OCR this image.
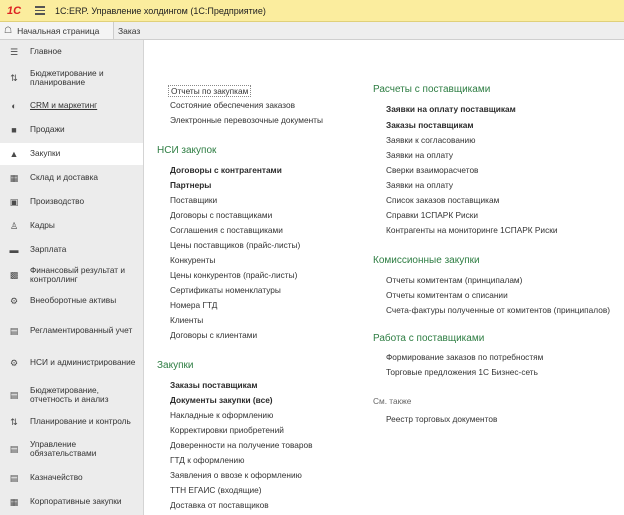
1С	1С:ERP. Управление холдингом (1С:Предприятие)
☖ Начальная страница	Заказ
☰ Главное
⇅ Бюджетирование и планирование
◐	CRM и маркетинг
■	Продажи
▲ Закупки
▦ Склад и доставка
▣ Производство
♙ Кадры
▬ Зарплата
▩ Финансовый результат и контроллинг
⚙ Внеоборотные активы
▤ Регламентированный учет
⚙ НСИ и администрирование
▤ Бюджетирование, отчетность и анализ
⇅ Планирование и контроль
▤ Управление обязательствами
▤ Казначейство
▦ Корпоративные закупки
Отчеты по закупкам
Состояние обеспечения заказов
Электронные перевозочные документы
НСИ закупок
Договоры с контрагентами
Партнеры
Поставщики
Договоры с поставщиками
Соглашения с поставщиками
Цены поставщиков (прайс-листы)
Конкуренты
Цены конкурентов (прайс-листы)
Сертификаты номенклатуры
Номера ГТД
Клиенты
Договоры с клиентами
Закупки
Заказы поставщикам
Документы закупки (все)
Накладные к оформлению
Корректировки приобретений
Доверенности на получение товаров
ГТД к оформлению
Заявления о ввозе к оформлению
ТТН ЕГАИС (входящие)
Доставка от поставщиков
Расчеты с поставщиками
Заявки на оплату поставщикам
Заказы поставщикам
Заявки к согласованию
Заявки на оплату
Сверки взаиморасчетов
Заявки на оплату
Список заказов поставщикам
Справки 1СПАРК Риски
Контрагенты на мониторинге 1СПАРК Риски
Комиссионные закупки
Отчеты комитентам (принципалам)
Отчеты комитентам о списании
Счета-фактуры полученные от комитентов (принципалов)
Работа с поставщиками
Формирование заказов по потребностям
Торговые предложения 1С Бизнес-сеть
См. также
Реестр торговых документов
